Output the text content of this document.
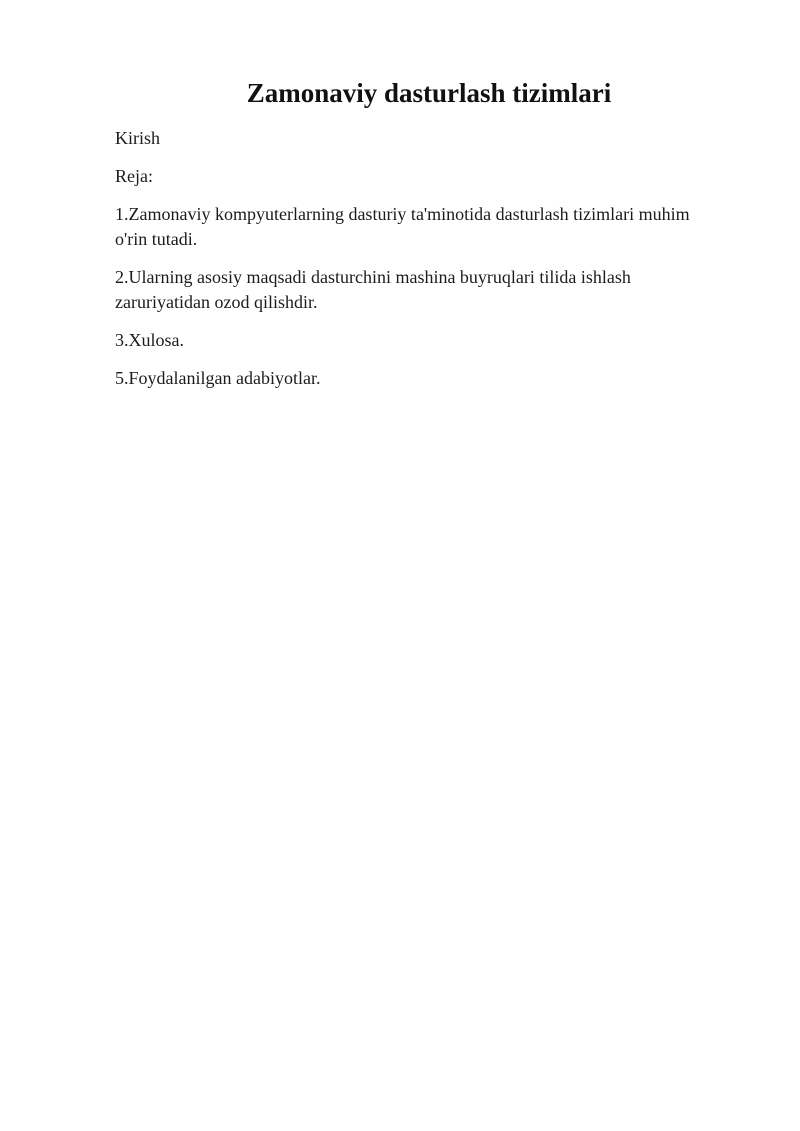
Zamonaviy dasturlash tizimlari

Kirish

Reja:

1.Zamonaviy kompyuterlarning dasturiy ta'minotida dasturlash tizimlari muhim o'rin tutadi.
2.Ularning asosiy maqsadi dasturchini mashina buyruqlari tilida ishlash zaruriyatidan ozod qilishdir.
3.Xulosa.
5.Foydalanilgan adabiyotlar.
